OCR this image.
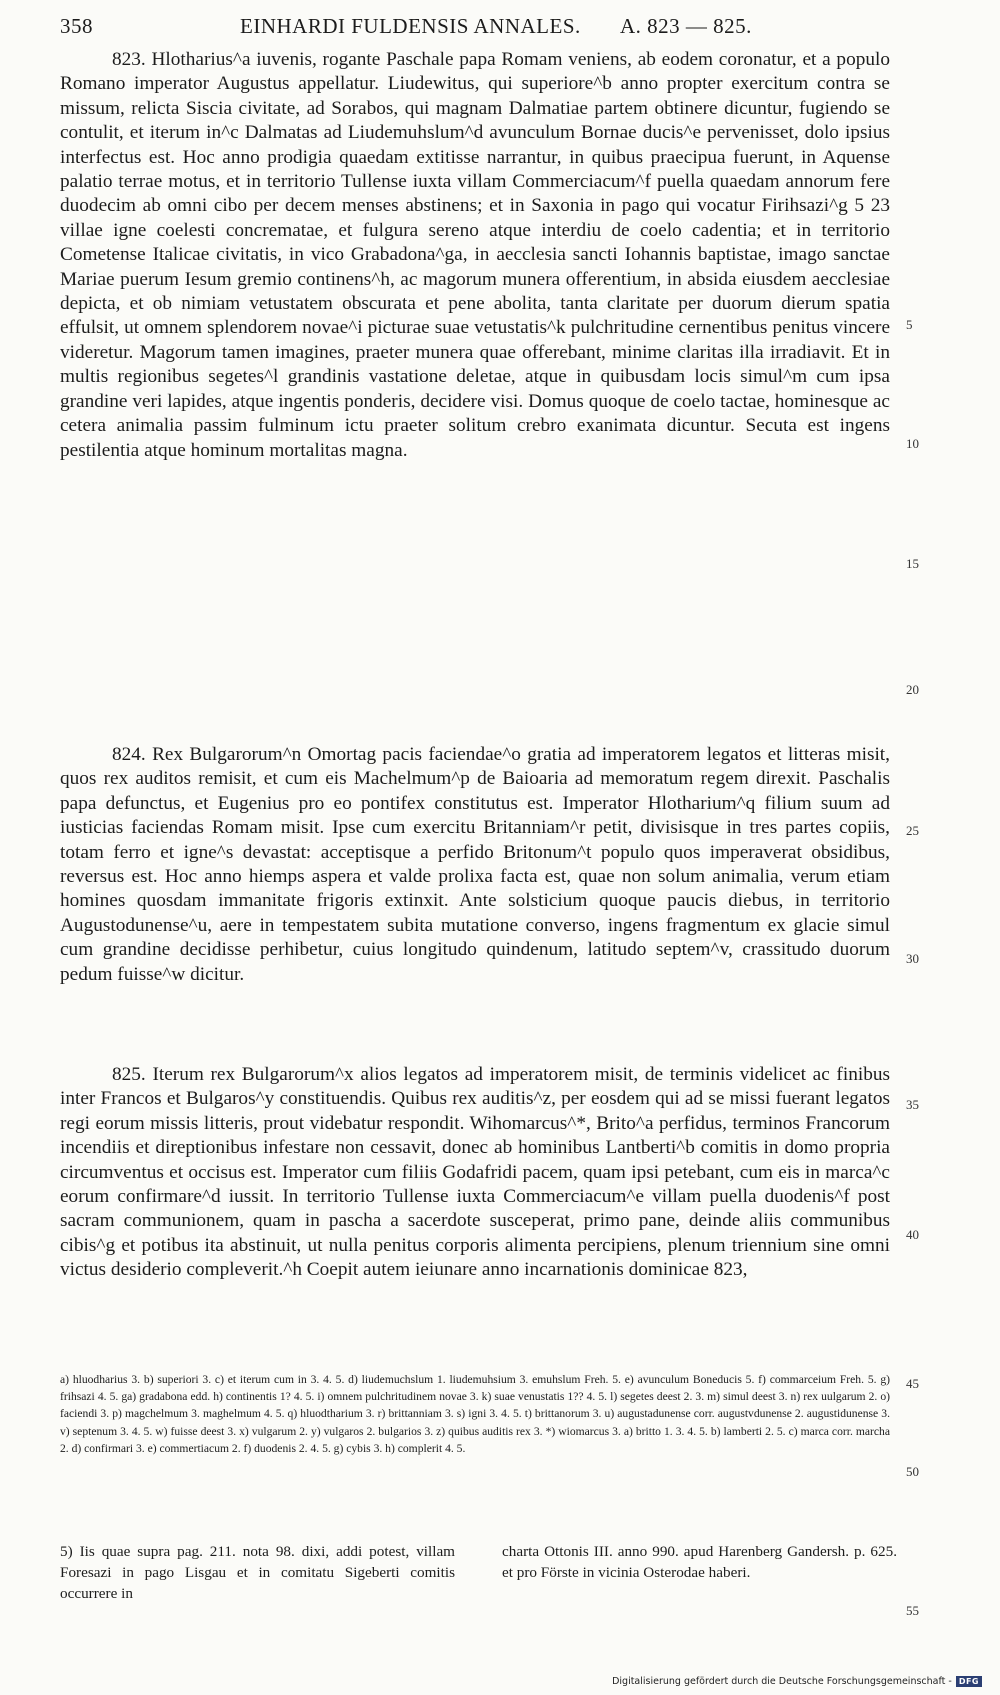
358	EINHARDI FULDENSIS ANNALES. A. 823 — 825.

823. Hlotharius^a iuvenis, rogante Paschale papa Romam veniens, ab eodem coronatur, et a populo Romano imperator Augustus appellatur. Liudewitus, qui superiore^b anno propter exercitum contra se missum, relicta Siscia civitate, ad Sorabos, qui magnam Dalmatiae partem obtinere dicuntur, fugiendo se contulit, et iterum in^c Dalmatas ad Liudemuhslum^d avunculum Bornae ducis^e pervenisset, dolo ipsius interfectus est. Hoc anno prodigia quaedam extitisse narrantur, in quibus praecipua fuerunt, in Aquense palatio terrae motus, et in territorio Tullense iuxta villam Commerciacum^f puella quaedam annorum fere duodecim ab omni cibo per decem menses abstinens; et in Saxonia in pago qui vocatur Firihsazi^g 5 23 villae igne coelesti concrematae, et fulgura sereno atque interdiu de coelo cadentia; et in territorio Cometense Italicae civitatis, in vico Grabadona^ga, in aecclesia sancti Iohannis baptistae, imago sanctae Mariae puerum Iesum gremio continens^h, ac magorum munera offerentium, in absida eiusdem aecclesiae depicta, et ob nimiam vetustatem obscurata et pene abolita, tanta claritate per duorum dierum spatia effulsit, ut omnem splendorem novae^i picturae suae vetustatis^k pulchritudine cernentibus penitus vincere videretur. Magorum tamen imagines, praeter munera quae offerebant, minime claritas illa irradiavit. Et in multis regionibus segetes^l grandinis vastatione deletae, atque in quibusdam locis simul^m cum ipsa grandine veri lapides, atque ingentis ponderis, decidere visi. Domus quoque de coelo tactae, hominesque ac cetera animalia passim fulminum ictu praeter solitum crebro exanimata dicuntur. Secuta est ingens pestilentia atque hominum mortalitas magna.

824. Rex Bulgarorum^n Omortag pacis faciendae^o gratia ad imperatorem legatos et litteras misit, quos rex auditos remisit, et cum eis Machelmum^p de Baioaria ad memoratum regem direxit. Paschalis papa defunctus, et Eugenius pro eo pontifex constitutus est. Imperator Hlotharium^q filium suum ad iusticias faciendas Romam misit. Ipse cum exercitu Britanniam^r petit, divisisque in tres partes copiis, totam ferro et igne^s devastat: acceptisque a perfido Britonum^t populo quos imperaverat obsidibus, reversus est. Hoc anno hiemps aspera et valde prolixa facta est, quae non solum animalia, verum etiam homines quosdam immanitate frigoris extinxit. Ante solsticium quoque paucis diebus, in territorio Augustodunense^u, aere in tempestatem subita mutatione converso, ingens fragmentum ex glacie simul cum grandine decidisse perhibetur, cuius longitudo quindenum, latitudo septem^v, crassitudo duorum pedum fuisse^w dicitur.

825. Iterum rex Bulgarorum^x alios legatos ad imperatorem misit, de terminis videlicet ac finibus inter Francos et Bulgaros^y constituendis. Quibus rex auditis^z, per eosdem qui ad se missi fuerant legatos regi eorum missis litteris, prout videbatur respondit. Wihomarcus^*, Brito^a perfidus, terminos Francorum incendiis et direptionibus infestare non cessavit, donec ab hominibus Lantberti^b comitis in domo propria circumventus et occisus est. Imperator cum filiis Godafridi pacem, quam ipsi petebant, cum eis in marca^c eorum confirmare^d iussit. In territorio Tullense iuxta Commerciacum^e villam puella duodenis^f post sacram communionem, quam in pascha a sacerdote susceperat, primo pane, deinde aliis communibus cibis^g et potibus ita abstinuit, ut nulla penitus corporis alimenta percipiens, plenum triennium sine omni victus desiderio compleverit.^h Coepit autem ieiunare anno incarnationis dominicae 823,

5
10
15
20
25
30
35
40
45
50
55
a) hluodharius 3. b) superiori 3. c) et iterum cum in 3. 4. 5. d) liudemuchslum 1. liudemuhsium 3. emuhslum Freh. 5. e) avunculum Boneducis 5. f) commarceium Freh. 5. g) frihsazi 4. 5. ga) gradabona edd. h) continentis 1? 4. 5. i) omnem pulchritudinem novae 3. k) suae venustatis 1?? 4. 5. l) segetes deest 2. 3. m) simul deest 3. n) rex uulgarum 2. o) faciendi 3. p) magchelmum 3. maghelmum 4. 5. q) hluodtharium 3. r) brittanniam 3. s) igni 3. 4. 5. t) brittanorum 3. u) augustadunense corr. augustvdunense 2. augustidunense 3. v) septenum 3. 4. 5. w) fuisse deest 3. x) vulgarum 2. y) vulgaros 2. bulgarios 3. z) quibus auditis rex 3. *) wiomarcus 3. a) britto 1. 3. 4. 5. b) lamberti 2. 5. c) marca corr. marcha 2. d) confirmari 3. e) commertiacum 2. f) duodenis 2. 4. 5. g) cybis 3. h) complerit 4. 5.
5) Iis quae supra pag. 211. nota 98. dixi, addi potest, villam Foresazi in pago Lisgau et in comitatu Sigeberti comitis occurrere in
charta Ottonis III. anno 990. apud Harenberg Gandersh. p. 625. et pro Förste in vicinia Osterodae haberi.
Digitalisierung gefördert durch die Deutsche Forschungsgemeinschaft - DFG
